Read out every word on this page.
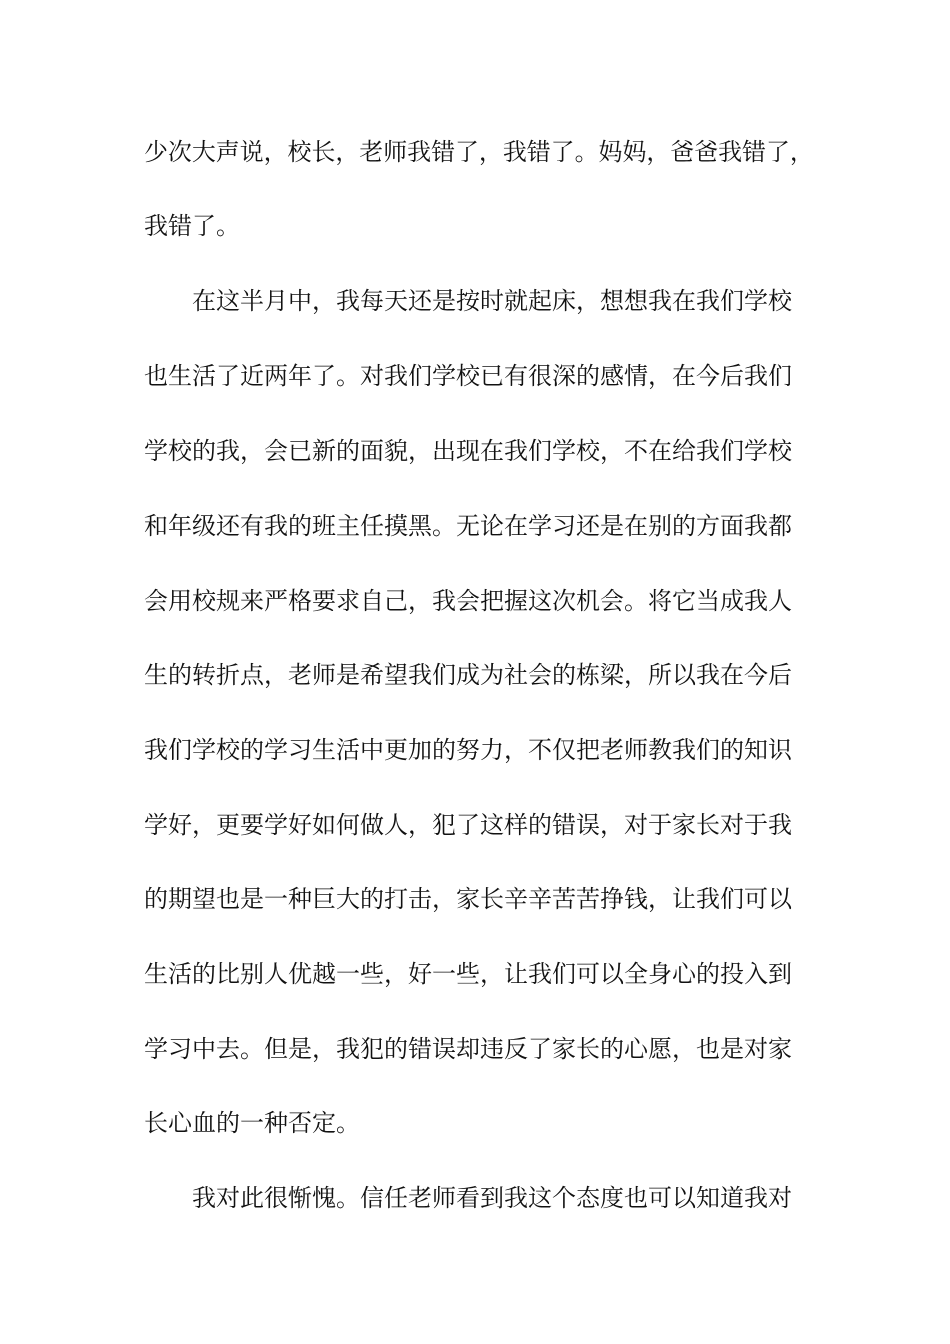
少次大声说，校长，老师我错了，我错了。妈妈，爸爸我错了，
我错了。
在这半月中，我每天还是按时就起床，想想我在我们学校
也生活了近两年了。对我们学校已有很深的感情，在今后我们
学校的我，会已新的面貌，出现在我们学校，不在给我们学校
和年级还有我的班主任摸黑。无论在学习还是在别的方面我都
会用校规来严格要求自己，我会把握这次机会。将它当成我人
生的转折点，老师是希望我们成为社会的栋梁，所以我在今后
我们学校的学习生活中更加的努力，不仅把老师教我们的知识
学好，更要学好如何做人，犯了这样的错误，对于家长对于我
的期望也是一种巨大的打击，家长辛辛苦苦挣钱，让我们可以
生活的比别人优越一些，好一些，让我们可以全身心的投入到
学习中去。但是，我犯的错误却违反了家长的心愿，也是对家
长心血的一种否定。
我对此很惭愧。信任老师看到我这个态度也可以知道我对
